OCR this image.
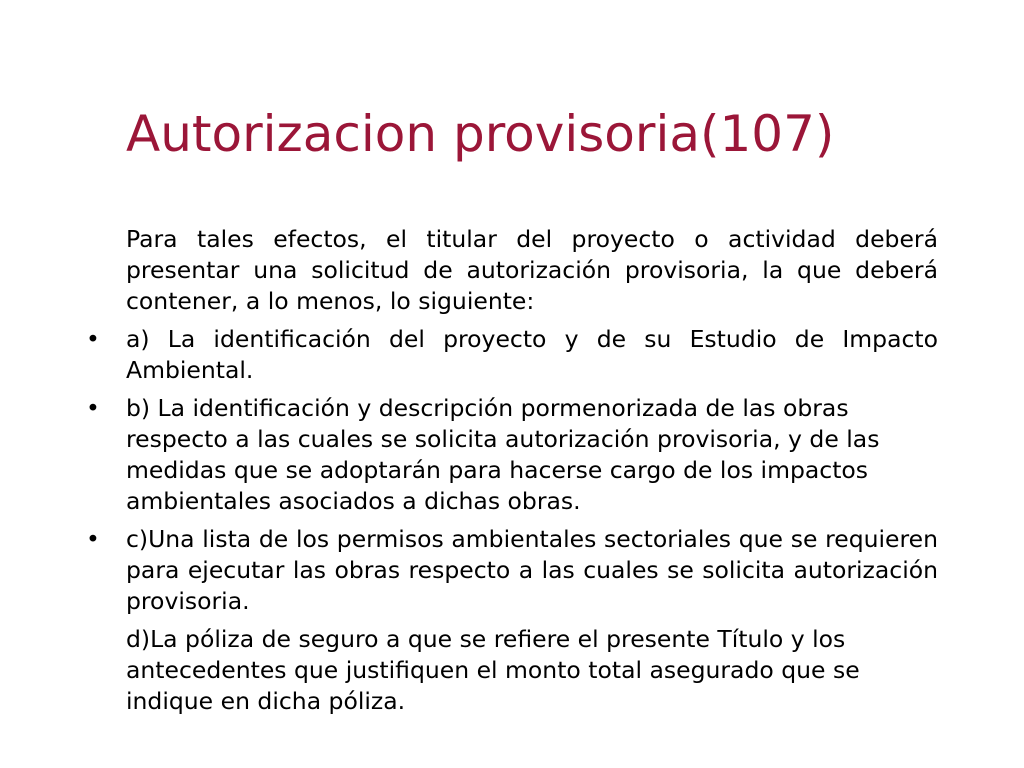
Autorizacion provisoria(107)

Para tales efectos, el titular del proyecto o actividad deberá presentar una solicitud de autorización provisoria, la que deberá contener, a lo menos, lo siguiente:

• a) La identificación del proyecto y de su Estudio de Impacto Ambiental.

• b) La identificación y descripción pormenorizada de las obras respecto a las cuales se solicita autorización provisoria, y de las medidas que se adoptarán para hacerse cargo de los impactos ambientales asociados a dichas obras.

• c)Una lista de los permisos ambientales sectoriales que se requieren para ejecutar las obras respecto a las cuales se solicita autorización provisoria.

d)La póliza de seguro a que se refiere el presente Título y los antecedentes que justifiquen el monto total asegurado que se indique en dicha póliza.
